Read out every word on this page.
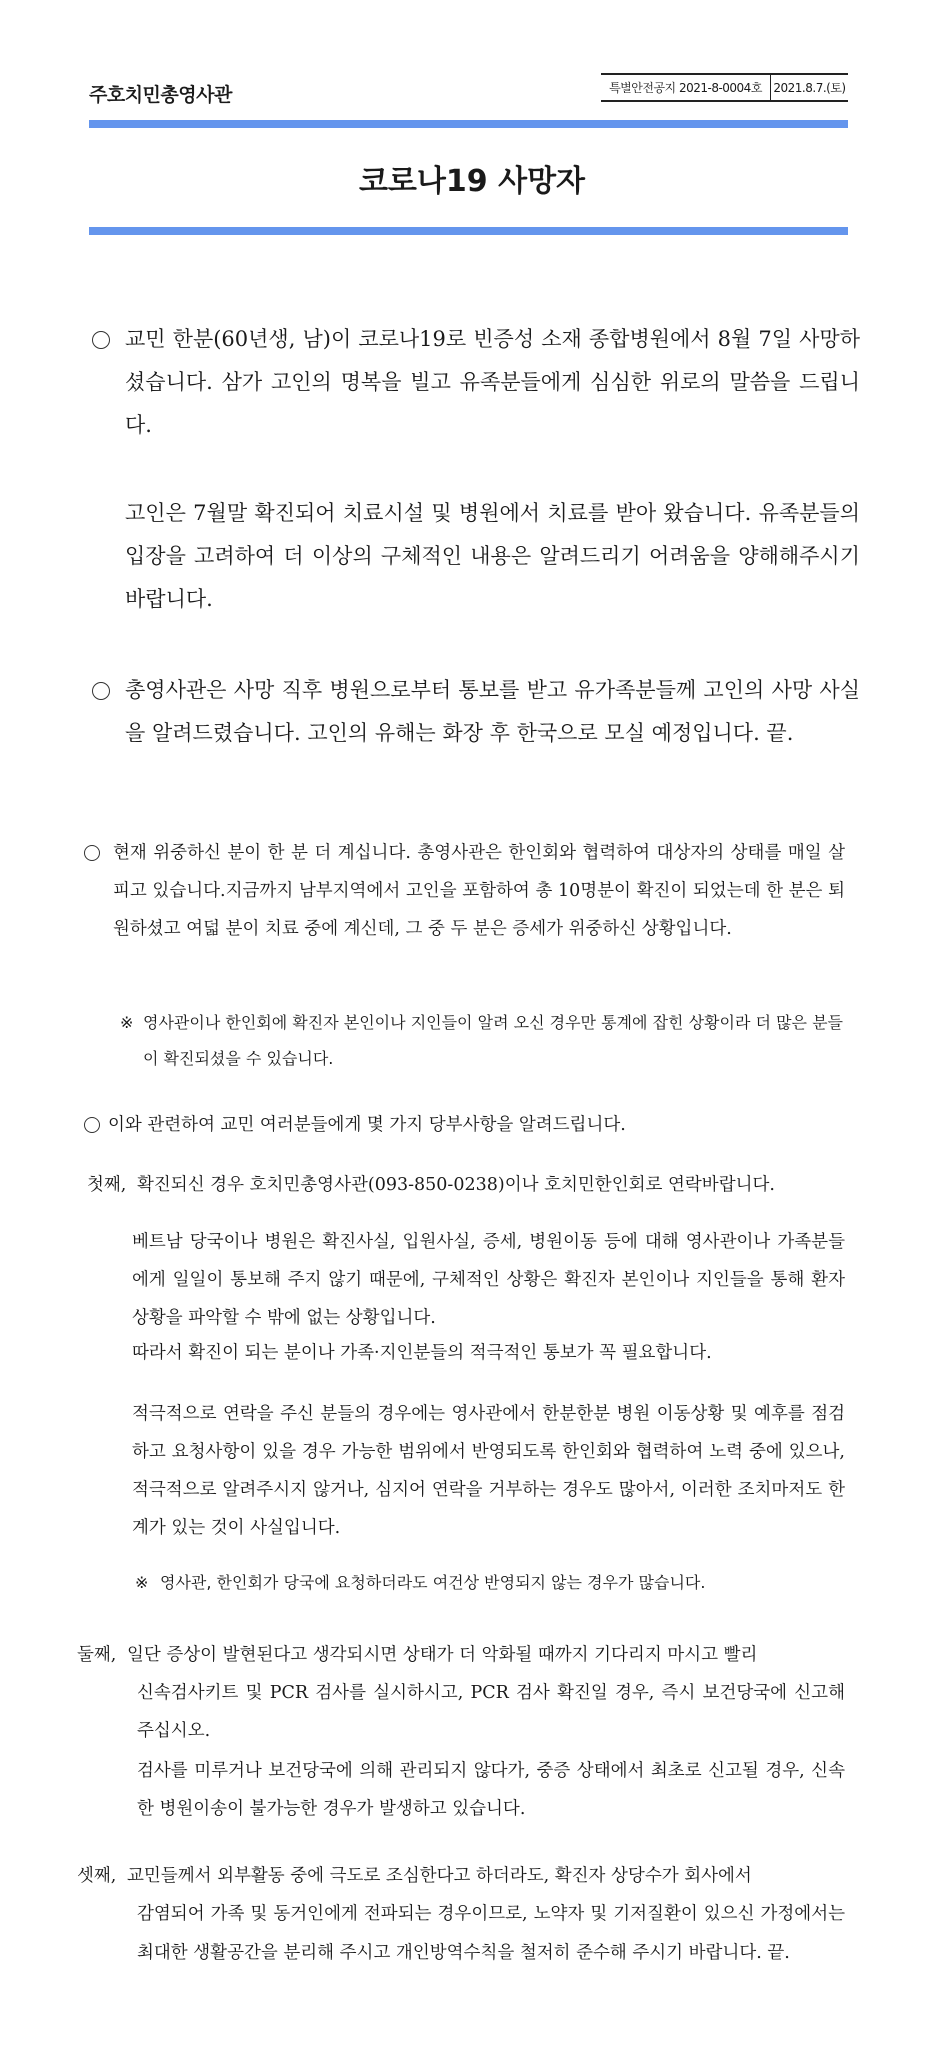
주호치민총영사관	특별안전공지 2021-8-0004호 2021.8.7.(토)
코로나19 사망자
교민 한분(60년생, 남)이 코로나19로 빈증성 소재 종합병원에서 8월 7일 사망하셨습니다. 삼가 고인의 명복을 빌고 유족분들에게 심심한 위로의 말씀을 드립니다.
고인은 7월말 확진되어 치료시설 및 병원에서 치료를 받아 왔습니다. 유족분들의 입장을 고려하여 더 이상의 구체적인 내용은 알려드리기 어려움을 양해해주시기 바랍니다.
총영사관은 사망 직후 병원으로부터 통보를 받고 유가족분들께 고인의 사망 사실을 알려드렸습니다. 고인의 유해는 화장 후 한국으로 모실 예정입니다. 끝.
현재 위중하신 분이 한 분 더 계십니다. 총영사관은 한인회와 협력하여 대상자의 상태를 매일 살피고 있습니다.지금까지 남부지역에서 고인을 포함하여 총 10명분이 확진이 되었는데 한 분은 퇴원하셨고 여덟 분이 치료 중에 계신데, 그 중 두 분은 증세가 위중하신 상황입니다.
※ 영사관이나 한인회에 확진자 본인이나 지인들이 알려 오신 경우만 통계에 잡힌 상황이라 더 많은 분들이 확진되셨을 수 있습니다.
이와 관련하여 교민 여러분들에게 몇 가지 당부사항을 알려드립니다.
첫째, 확진되신 경우 호치민총영사관(093-850-0238)이나 호치민한인회로 연락바랍니다.
베트남 당국이나 병원은 확진사실, 입원사실, 증세, 병원이동 등에 대해 영사관이나 가족분들에게 일일이 통보해 주지 않기 때문에, 구체적인 상황은 확진자 본인이나 지인들을 통해 환자 상황을 파악할 수 밖에 없는 상황입니다.
따라서 확진이 되는 분이나 가족·지인분들의 적극적인 통보가 꼭 필요합니다.
적극적으로 연락을 주신 분들의 경우에는 영사관에서 한분한분 병원 이동상황 및 예후를 점검하고 요청사항이 있을 경우 가능한 범위에서 반영되도록 한인회와 협력하여 노력 중에 있으나, 적극적으로 알려주시지 않거나, 심지어 연락을 거부하는 경우도 많아서, 이러한 조치마저도 한계가 있는 것이 사실입니다.
※ 영사관, 한인회가 당국에 요청하더라도 여건상 반영되지 않는 경우가 많습니다.
둘째, 일단 증상이 발현된다고 생각되시면 상태가 더 악화될 때까지 기다리지 마시고 빨리
신속검사키트 및 PCR 검사를 실시하시고, PCR 검사 확진일 경우, 즉시 보건당국에 신고해 주십시오.
검사를 미루거나 보건당국에 의해 관리되지 않다가, 중증 상태에서 최초로 신고될 경우, 신속한 병원이송이 불가능한 경우가 발생하고 있습니다.
셋째, 교민들께서 외부활동 중에 극도로 조심한다고 하더라도, 확진자 상당수가 회사에서
감염되어 가족 및 동거인에게 전파되는 경우이므로, 노약자 및 기저질환이 있으신 가정에서는 최대한 생활공간을 분리해 주시고 개인방역수칙을 철저히 준수해 주시기 바랍니다. 끝.
